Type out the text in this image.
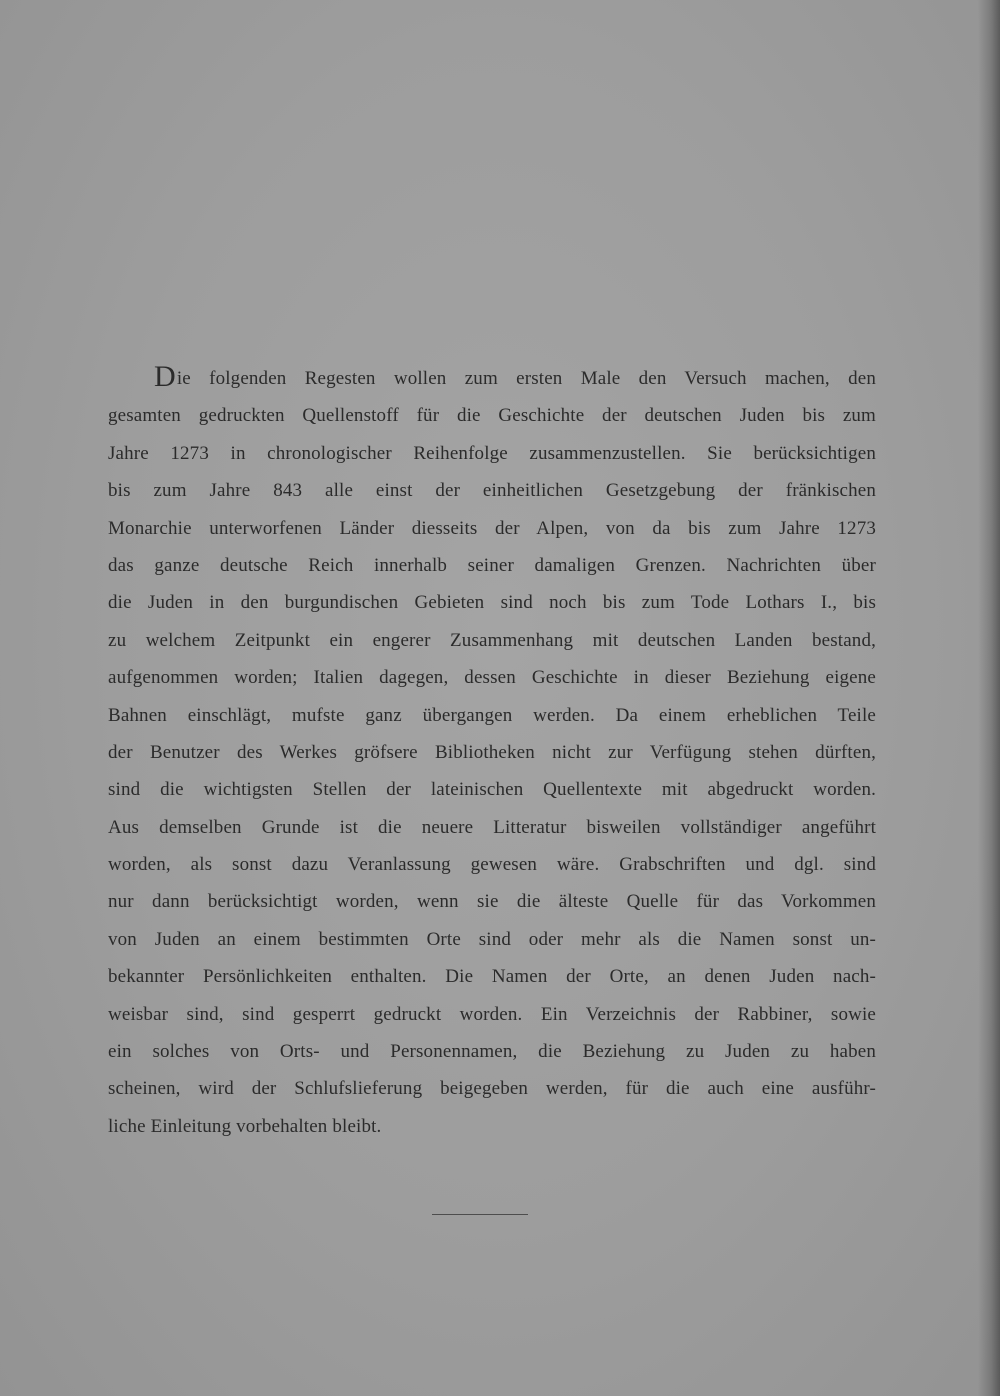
Die folgenden Regesten wollen zum ersten Male den Versuch machen, den
gesamten gedruckten Quellenstoff für die Geschichte der deutschen Juden bis zum
Jahre 1273 in chronologischer Reihenfolge zusammenzustellen. Sie berücksichtigen
bis zum Jahre 843 alle einst der einheitlichen Gesetzgebung der fränkischen
Monarchie unterworfenen Länder diesseits der Alpen, von da bis zum Jahre 1273
das ganze deutsche Reich innerhalb seiner damaligen Grenzen. Nachrichten über
die Juden in den burgundischen Gebieten sind noch bis zum Tode Lothars I., bis
zu welchem Zeitpunkt ein engerer Zusammenhang mit deutschen Landen bestand,
aufgenommen worden; Italien dagegen, dessen Geschichte in dieser Beziehung eigene
Bahnen einschlägt, mufste ganz übergangen werden. Da einem erheblichen Teile
der Benutzer des Werkes gröfsere Bibliotheken nicht zur Verfügung stehen dürften,
sind die wichtigsten Stellen der lateinischen Quellentexte mit abgedruckt worden.
Aus demselben Grunde ist die neuere Litteratur bisweilen vollständiger angeführt
worden, als sonst dazu Veranlassung gewesen wäre. Grabschriften und dgl. sind
nur dann berücksichtigt worden, wenn sie die älteste Quelle für das Vorkommen
von Juden an einem bestimmten Orte sind oder mehr als die Namen sonst un-
bekannter Persönlichkeiten enthalten. Die Namen der Orte, an denen Juden nach-
weisbar sind, sind gesperrt gedruckt worden. Ein Verzeichnis der Rabbiner, sowie
ein solches von Orts- und Personennamen, die Beziehung zu Juden zu haben
scheinen, wird der Schlufslieferung beigegeben werden, für die auch eine ausführ-
liche Einleitung vorbehalten bleibt.
